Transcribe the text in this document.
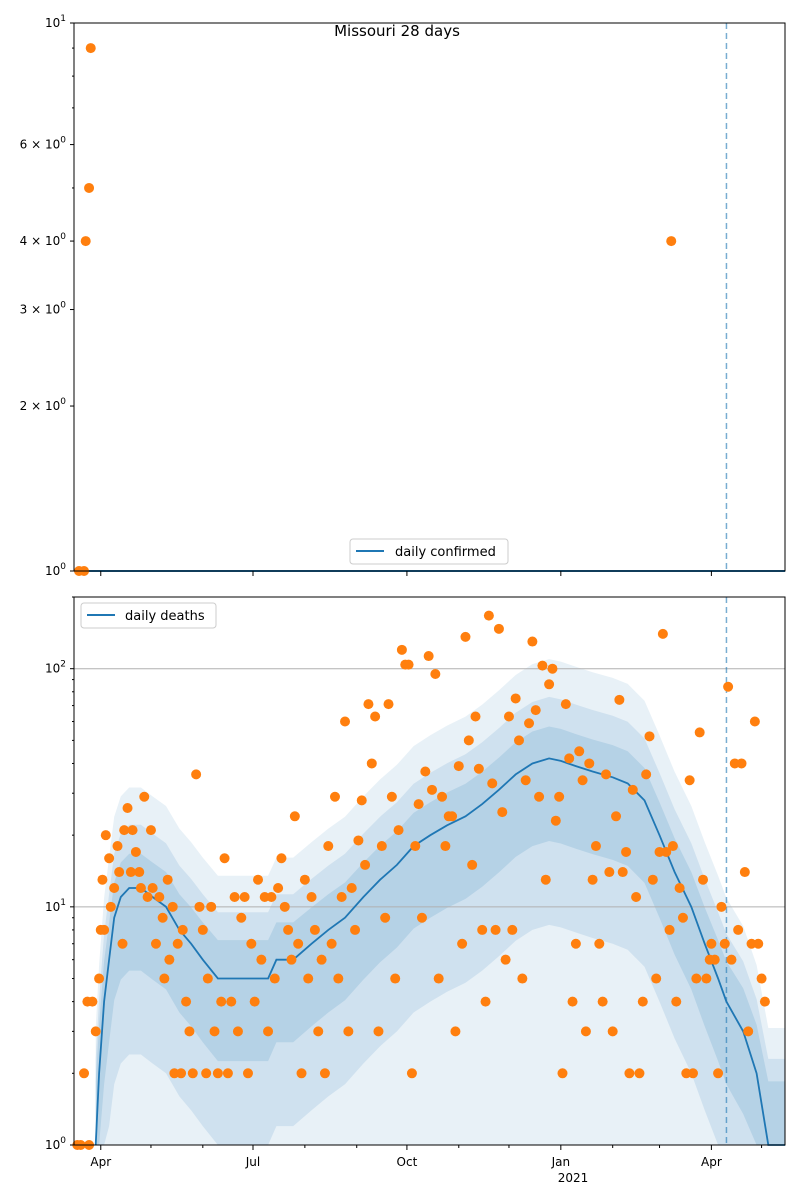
$10^0$
$2 \times 10^0$
$3 \times 10^0$
$4 \times 10^0$
$6 \times 10^0$
$10^1$
Missouri 28 days
daily confirmed
$10^0$
$10^1$
$10^2$
Apr	Jul	Oct	Jan	Apr
2021
daily deaths
